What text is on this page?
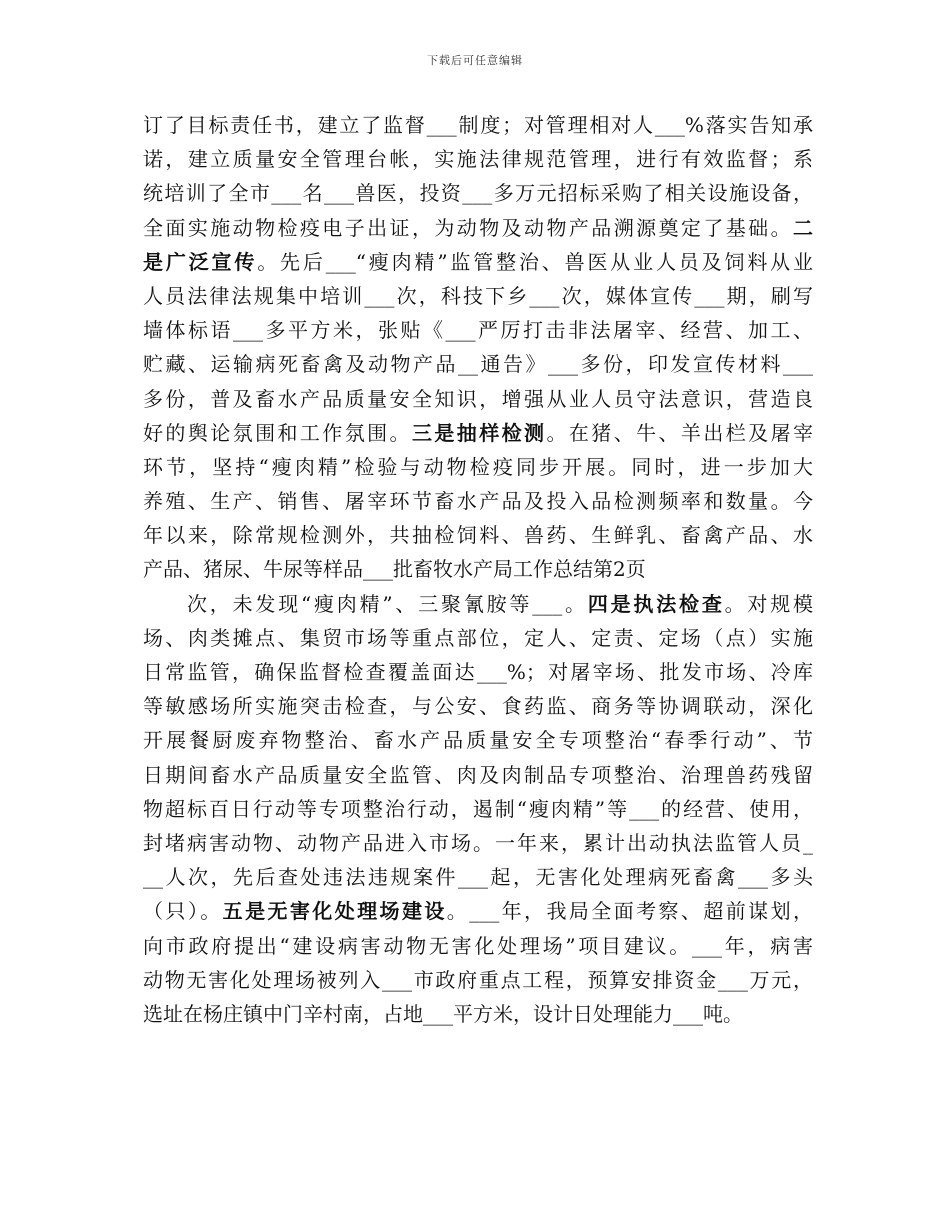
下载后可任意编辑
订了目标责任书，建立了监督___制度；对管理相对人___%落实告知承
诺，建立质量安全管理台帐，实施法律规范管理，进行有效监督；系
统培训了全市___名___兽医，投资___多万元招标采购了相关设施设备，
全面实施动物检疫电子出证，为动物及动物产品溯源奠定了基础。二
是广泛宣传。先后___“瘦肉精”监管整治、兽医从业人员及饲料从业
人员法律法规集中培训___次，科技下乡___次，媒体宣传___期，刷写
墙体标语___多平方米，张贴《___严厉打击非法屠宰、经营、加工、
贮藏、运输病死畜禽及动物产品__通告》___多份，印发宣传材料___
多份，普及畜水产品质量安全知识，增强从业人员守法意识，营造良
好的舆论氛围和工作氛围。三是抽样检测。在猪、牛、羊出栏及屠宰
环节，坚持“瘦肉精”检验与动物检疫同步开展。同时，进一步加大
养殖、生产、销售、屠宰环节畜水产品及投入品检测频率和数量。今
年以来，除常规检测外，共抽检饲料、兽药、生鲜乳、畜禽产品、水
产品、猪尿、牛尿等样品___批畜牧水产局工作总结第2页
次，未发现“瘦肉精”、三聚氰胺等___。四是执法检查。对规模
场、肉类摊点、集贸市场等重点部位，定人、定责、定场（点）实施
日常监管，确保监督检查覆盖面达___%；对屠宰场、批发市场、冷库
等敏感场所实施突击检查，与公安、食药监、商务等协调联动，深化
开展餐厨废弃物整治、畜水产品质量安全专项整治“春季行动”、节
日期间畜水产品质量安全监管、肉及肉制品专项整治、治理兽药残留
物超标百日行动等专项整治行动，遏制“瘦肉精”等___的经营、使用，
封堵病害动物、动物产品进入市场。一年来，累计出动执法监管人员_
__人次，先后查处违法违规案件___起，无害化处理病死畜禽___多头
（只）。五是无害化处理场建设。___年，我局全面考察、超前谋划，
向市政府提出“建设病害动物无害化处理场”项目建议。___年，病害
动物无害化处理场被列入___市政府重点工程，预算安排资金___万元，
选址在杨庄镇中门辛村南，占地___平方米，设计日处理能力___吨。
